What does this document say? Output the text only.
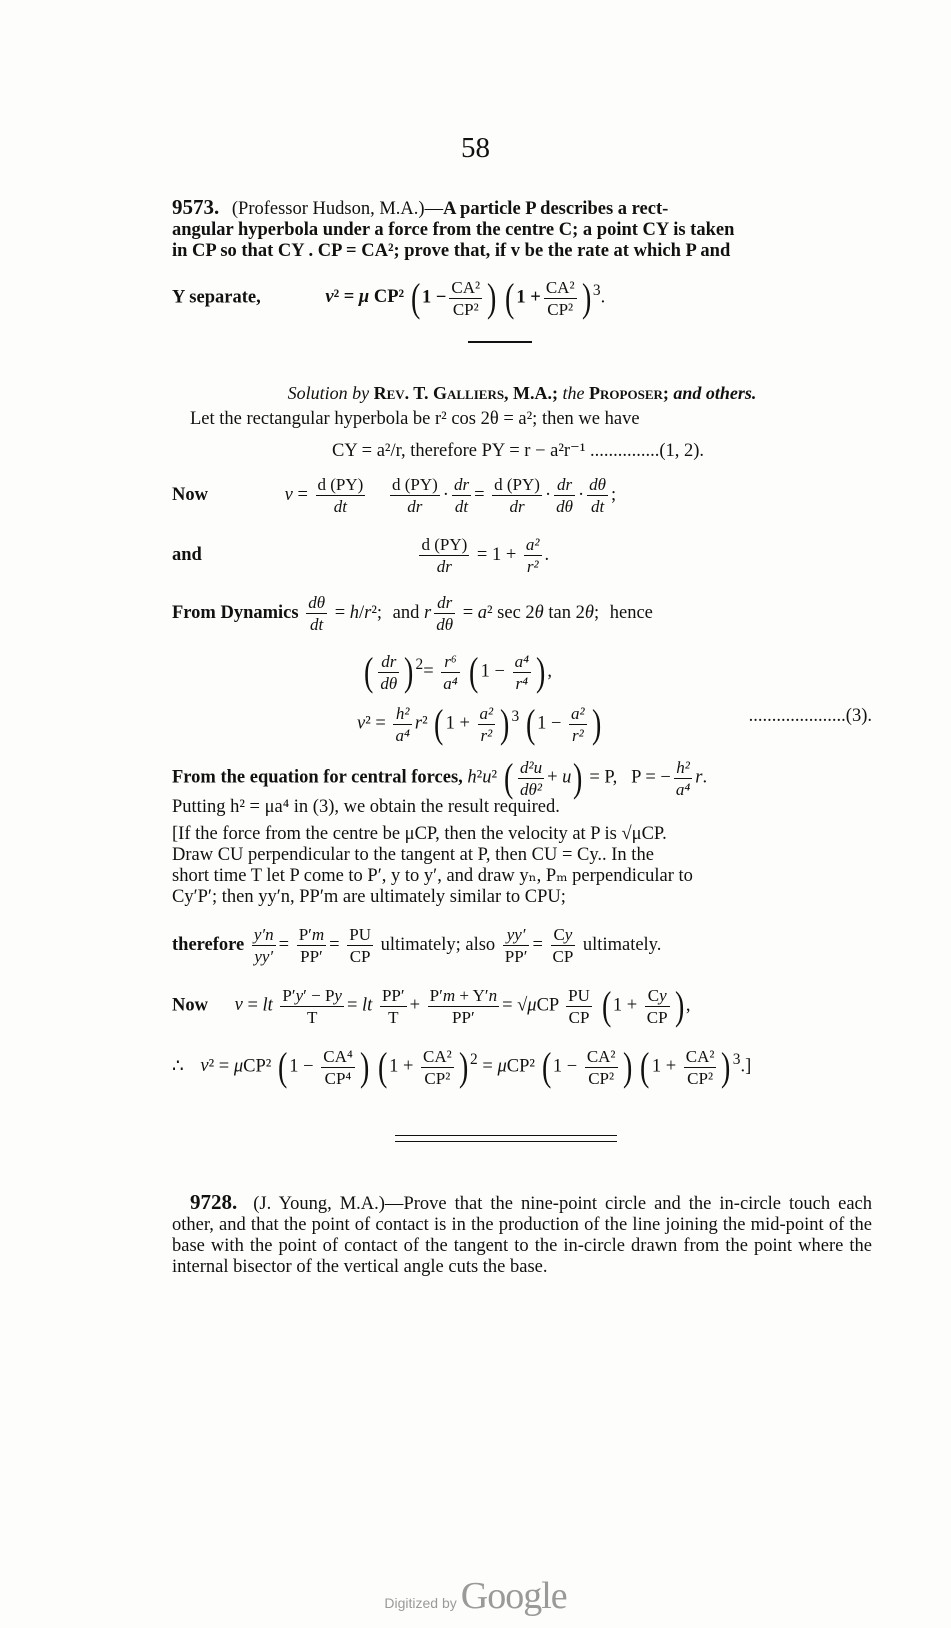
58
9573. (Professor Hudson, M.A.)—A particle P describes a rect-
angular hyperbola under a force from the centre C; a point CY is taken
in CP so that CY . CP = CA²; prove that, if v be the rate at which P and
Y separate,	v² = μ CP² ( $1 - \frac{\text{CA²}}{\text{CP²}}$ ) ( $1 + \frac{\text{CA²}}{\text{CP²}}$ ) $^3$.
Solution by Rev. T. Galliers, M.A.; the Proposer; and others.
Let the rectangular hyperbola be r² cos 2θ = a²; then we have
CY = a²/r, therefore PY = r − a²r⁻¹ ...............(1, 2).
Now	$v = \frac{d (PY)}{dt}$
$\frac{d (PY)}{dr} \cdot \frac{dr}{dt} = \frac{d (PY)}{dr} \cdot \frac{dr}{d\theta} \cdot \frac{d\theta}{dt}$ ;
and	$\frac{d (PY)}{dr} = 1 + \frac{\text{a²}}{\text{r²}}$ .
From Dynamics $\frac{d\theta}{dt} = h/r^2$; and r $\frac{dr}{d\theta} = a^2$ sec 2θ tan 2θ; hence
( $\frac{dr}{d\theta}$ ) $^2= \frac{\text{r⁶}}{\text{a⁴}}$ ( $1 - \frac{\text{a⁴}}{\text{r⁴}}$ ) ,
$v^2 = \frac{\text{h²}}{\text{a⁴}} r^2$ ( $1 + \frac{\text{a²}}{\text{r²}}$ ) $^3$ ( $1 - \frac{\text{a²}}{\text{r²}}$ )	.....................(3).
From the equation for central forces, h²u² ( $\frac{\text{d²u}}{\text{dθ²}} + u) = P$,   P = − $\frac{\text{h²}}{\text{a⁴}} r$.
Putting h² = μa⁴ in (3), we obtain the result required.
[If the force from the centre be μCP, then the velocity at P is √μCP.
Draw CU perpendicular to the tangent at P, then CU = Cy.. In the
short time T let P come to P′, y to y′, and draw yₙ, Pₘ perpendicular to
Cy′P′; then yy′n, PP′m are ultimately similar to CPU;
therefore $\frac{y'n}{yy'} = \frac{P'm}{PP'} = \frac{PU}{CP}$ ultimately; also $\frac{yy'}{PP'} = \frac{Cy}{CP}$ ultimately.
Now v = lt $\frac{P'y' - Py}{T}$ = lt $\frac{PP'}{T} + \frac{P'm + Y'n}{PP'} = √\mu CP \frac{PU}{CP}$ ( $1 + \frac{Cy}{CP}$ ) ,
∴ v² = μCP² ( $1 - \frac{\text{CA⁴}}{\text{CP⁴}}$ ) ( $1 + \frac{\text{CA²}}{\text{CP²}}$ ) $^2$ = μCP² ( $1 - \frac{\text{CA²}}{\text{CP²}}$ ) ( $1 + \frac{\text{CA²}}{\text{CP²}}$ ) $^3$.]
9728. (J. Young, M.A.)—Prove that the nine-point circle and the in-circle touch each other, and that the point of contact is in the production of the line joining the mid-point of the base with the point of contact of the tangent to the in-circle drawn from the point where the internal bisector of the vertical angle cuts the base.
Digitized by Google
